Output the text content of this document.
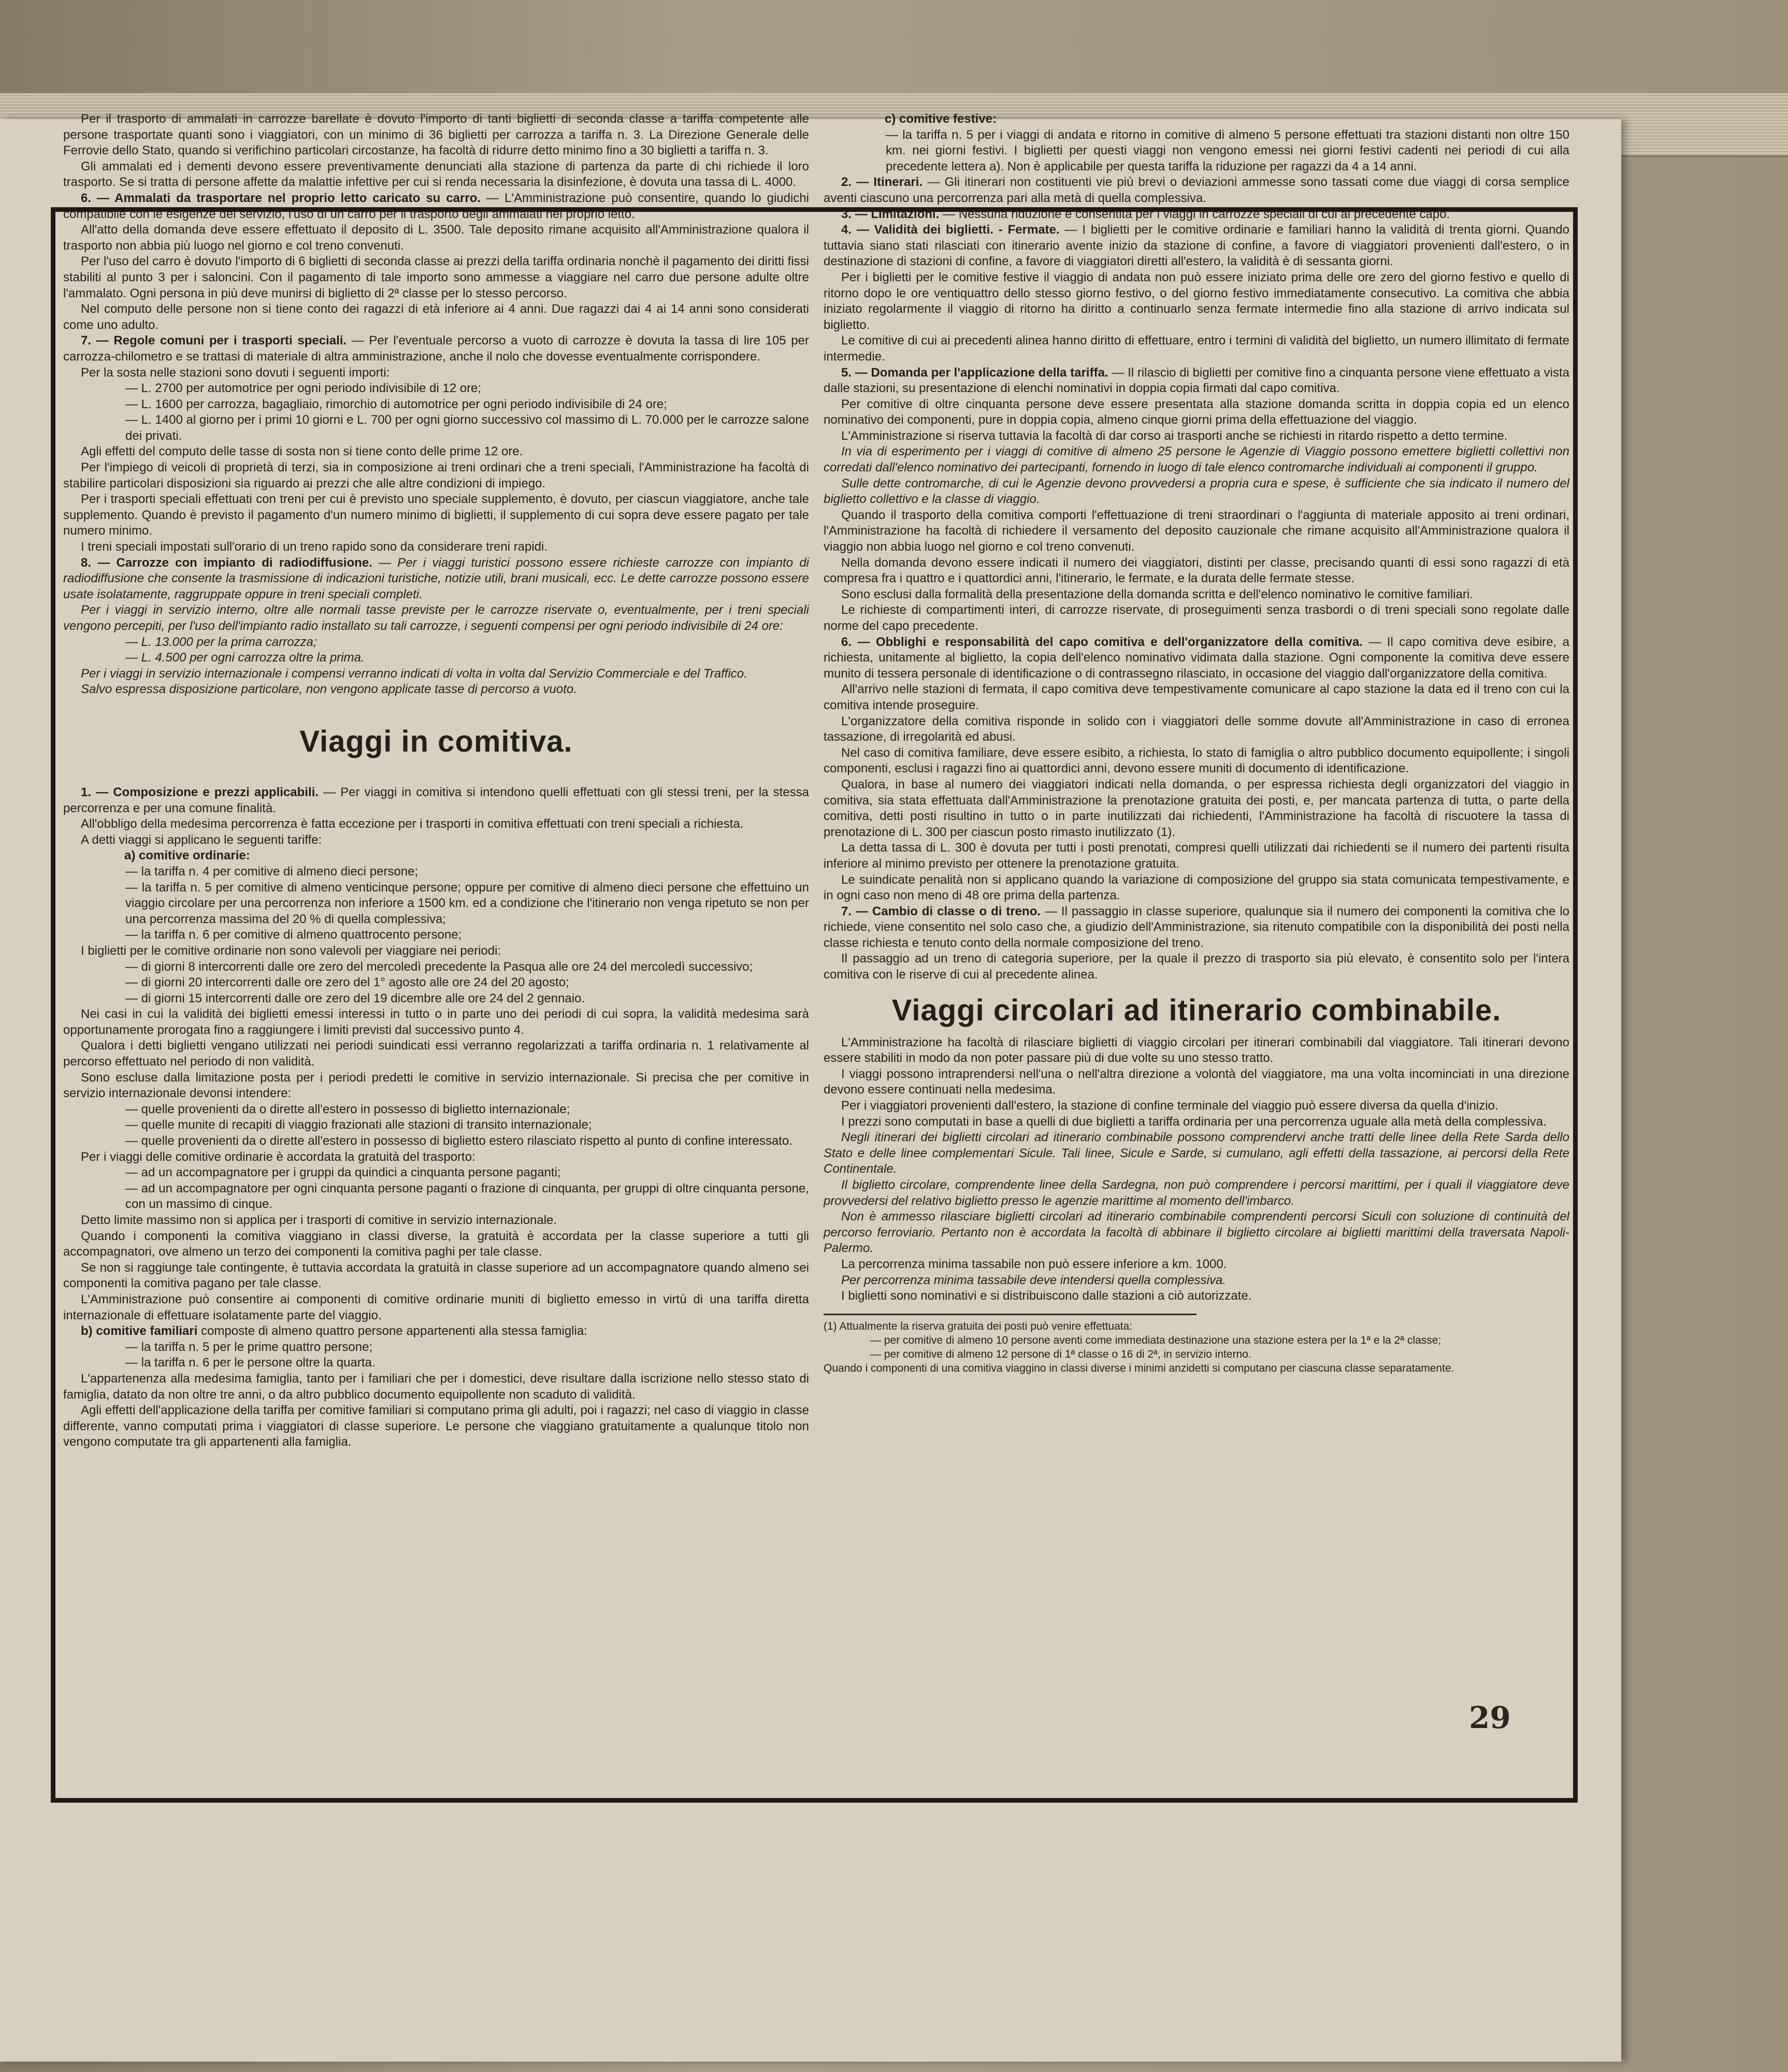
Per il trasporto di ammalati in carrozze barellate è dovuto l'importo di tanti biglietti di seconda classe a tariffa competente alle persone trasportate quanti sono i viaggiatori, con un minimo di 36 biglietti per carrozza a tariffa n. 3. La Direzione Generale delle Ferrovie dello Stato, quando si verifichino particolari circostanze, ha facoltà di ridurre detto minimo fino a 30 biglietti a tariffa n. 3.

Gli ammalati ed i dementi devono essere preventivamente denunciati alla stazione di partenza da parte di chi richiede il loro trasporto. Se si tratta di persone affette da malattie infettive per cui si renda necessaria la disinfezione, è dovuta una tassa di L. 4000.

6. — Ammalati da trasportare nel proprio letto caricato su carro. — L'Amministrazione può consentire, quando lo giudichi compatibile con le esigenze del servizio, l'uso di un carro per il trasporto degli ammalati nel proprio letto.

All'atto della domanda deve essere effettuato il deposito di L. 3500. Tale deposito rimane acquisito all'Amministrazione qualora il trasporto non abbia più luogo nel giorno e col treno convenuti.

Per l'uso del carro è dovuto l'importo di 6 biglietti di seconda classe ai prezzi della tariffa ordinaria nonchè il pagamento dei diritti fissi stabiliti al punto 3 per i saloncini. Con il pagamento di tale importo sono ammesse a viaggiare nel carro due persone adulte oltre l'ammalato. Ogni persona in più deve munirsi di biglietto di 2ª classe per lo stesso percorso.

Nel computo delle persone non si tiene conto dei ragazzi di età inferiore ai 4 anni. Due ragazzi dai 4 ai 14 anni sono considerati come uno adulto.

7. — Regole comuni per i trasporti speciali. — Per l'eventuale percorso a vuoto di carrozze è dovuta la tassa di lire 105 per carrozza-chilometro e se trattasi di materiale di altra amministrazione, anche il nolo che dovesse eventualmente corrispondere.

Per la sosta nelle stazioni sono dovuti i seguenti importi:

— L. 2700 per automotrice per ogni periodo indivisibile di 12 ore;

— L. 1600 per carrozza, bagagliaio, rimorchio di automotrice per ogni periodo indivisibile di 24 ore;

— L. 1400 al giorno per i primi 10 giorni e L. 700 per ogni giorno successivo col massimo di L. 70.000 per le carrozze salone dei privati.

Agli effetti del computo delle tasse di sosta non si tiene conto delle prime 12 ore.

Per l'impiego di veicoli di proprietà di terzi, sia in composizione ai treni ordinari che a treni speciali, l'Amministrazione ha facoltà di stabilire particolari disposizioni sia riguardo ai prezzi che alle altre condizioni di impiego.

Per i trasporti speciali effettuati con treni per cui è previsto uno speciale supplemento, è dovuto, per ciascun viaggiatore, anche tale supplemento. Quando è previsto il pagamento d'un numero minimo di biglietti, il supplemento di cui sopra deve essere pagato per tale numero minimo.

I treni speciali impostati sull'orario di un treno rapido sono da considerare treni rapidi.

8. — Carrozze con impianto di radiodiffusione. — Per i viaggi turistici possono essere richieste carrozze con impianto di radiodiffusione che consente la trasmissione di indicazioni turistiche, notizie utili, brani musicali, ecc. Le dette carrozze possono essere usate isolatamente, raggruppate oppure in treni speciali completi.

Per i viaggi in servizio interno, oltre alle normali tasse previste per le carrozze riservate o, eventualmente, per i treni speciali vengono percepiti, per l'uso dell'impianto radio installato su tali carrozze, i seguenti compensi per ogni periodo indivisibile di 24 ore:

— L. 13.000 per la prima carrozza;

— L. 4.500 per ogni carrozza oltre la prima.

Per i viaggi in servizio internazionale i compensi verranno indicati di volta in volta dal Servizio Commerciale e del Traffico.

Salvo espressa disposizione particolare, non vengono applicate tasse di percorso a vuoto.

Viaggi in comitiva.

1. — Composizione e prezzi applicabili. — Per viaggi in comitiva si intendono quelli effettuati con gli stessi treni, per la stessa percorrenza e per una comune finalità.

All'obbligo della medesima percorrenza è fatta eccezione per i trasporti in comitiva effettuati con treni speciali a richiesta.

A detti viaggi si applicano le seguenti tariffe:

a) comitive ordinarie:

— la tariffa n. 4 per comitive di almeno dieci persone;

— la tariffa n. 5 per comitive di almeno venticinque persone; oppure per comitive di almeno dieci persone che effettuino un viaggio circolare per una percorrenza non inferiore a 1500 km. ed a condizione che l'itinerario non venga ripetuto se non per una percorrenza massima del 20 % di quella complessiva;

— la tariffa n. 6 per comitive di almeno quattrocento persone;

I biglietti per le comitive ordinarie non sono valevoli per viaggiare nei periodi:

— di giorni 8 intercorrenti dalle ore zero del mercoledì precedente la Pasqua alle ore 24 del mercoledì successivo;

— di giorni 20 intercorrenti dalle ore zero del 1° agosto alle ore 24 del 20 agosto;

— di giorni 15 intercorrenti dalle ore zero del 19 dicembre alle ore 24 del 2 gennaio.

Nei casi in cui la validità dei biglietti emessi interessi in tutto o in parte uno dei periodi di cui sopra, la validità medesima sarà opportunamente prorogata fino a raggiungere i limiti previsti dal successivo punto 4.

Qualora i detti biglietti vengano utilizzati nei periodi suindicati essi verranno regolarizzati a tariffa ordinaria n. 1 relativamente al percorso effettuato nel periodo di non validità.

Sono escluse dalla limitazione posta per i periodi predetti le comitive in servizio internazionale. Si precisa che per comitive in servizio internazionale devonsi intendere:

— quelle provenienti da o dirette all'estero in possesso di biglietto internazionale;

— quelle munite di recapiti di viaggio frazionati alle stazioni di transito internazionale;

— quelle provenienti da o dirette all'estero in possesso di biglietto estero rilasciato rispetto al punto di confine interessato.

Per i viaggi delle comitive ordinarie è accordata la gratuità del trasporto:

— ad un accompagnatore per i gruppi da quindici a cinquanta persone paganti;

— ad un accompagnatore per ogni cinquanta persone paganti o frazione di cinquanta, per gruppi di oltre cinquanta persone, con un massimo di cinque.

Detto limite massimo non si applica per i trasporti di comitive in servizio internazionale.

Quando i componenti la comitiva viaggiano in classi diverse, la gratuità è accordata per la classe superiore a tutti gli accompagnatori, ove almeno un terzo dei componenti la comitiva paghi per tale classe.

Se non si raggiunge tale contingente, è tuttavia accordata la gratuità in classe superiore ad un accompagnatore quando almeno sei componenti la comitiva pagano per tale classe.

L'Amministrazione può consentire ai componenti di comitive ordinarie muniti di biglietto emesso in virtù di una tariffa diretta internazionale di effettuare isolatamente parte del viaggio.

b) comitive familiari composte di almeno quattro persone appartenenti alla stessa famiglia:

— la tariffa n. 5 per le prime quattro persone;

— la tariffa n. 6 per le persone oltre la quarta.

L'appartenenza alla medesima famiglia, tanto per i familiari che per i domestici, deve risultare dalla iscrizione nello stesso stato di famiglia, datato da non oltre tre anni, o da altro pubblico documento equipollente non scaduto di validità.

Agli effetti dell'applicazione della tariffa per comitive familiari si computano prima gli adulti, poi i ragazzi; nel caso di viaggio in classe differente, vanno computati prima i viaggiatori di classe superiore. Le persone che viaggiano gratuitamente a qualunque titolo non vengono computate tra gli appartenenti alla famiglia.

c) comitive festive:

— la tariffa n. 5 per i viaggi di andata e ritorno in comitive di almeno 5 persone effettuati tra stazioni distanti non oltre 150 km. nei giorni festivi. I biglietti per questi viaggi non vengono emessi nei giorni festivi cadenti nei periodi di cui alla precedente lettera a). Non è applicabile per questa tariffa la riduzione per ragazzi da 4 a 14 anni.

2. — Itinerari. — Gli itinerari non costituenti vie più brevi o deviazioni ammesse sono tassati come due viaggi di corsa semplice aventi ciascuno una percorrenza pari alla metà di quella complessiva.

3. — Limitazioni. — Nessuna riduzione è consentita per i viaggi in carrozze speciali di cui al precedente capo.

4. — Validità dei biglietti. - Fermate. — I biglietti per le comitive ordinarie e familiari hanno la validità di trenta giorni. Quando tuttavia siano stati rilasciati con itinerario avente inizio da stazione di confine, a favore di viaggiatori provenienti dall'estero, o in destinazione di stazioni di confine, a favore di viaggiatori diretti all'estero, la validità è di sessanta giorni.

Per i biglietti per le comitive festive il viaggio di andata non può essere iniziato prima delle ore zero del giorno festivo e quello di ritorno dopo le ore ventiquattro dello stesso giorno festivo, o del giorno festivo immediatamente consecutivo. La comitiva che abbia iniziato regolarmente il viaggio di ritorno ha diritto a continuarlo senza fermate intermedie fino alla stazione di arrivo indicata sul biglietto.

Le comitive di cui ai precedenti alinea hanno diritto di effettuare, entro i termini di validità del biglietto, un numero illimitato di fermate intermedie.

5. — Domanda per l'applicazione della tariffa. — Il rilascio di biglietti per comitive fino a cinquanta persone viene effettuato a vista dalle stazioni, su presentazione di elenchi nominativi in doppia copia firmati dal capo comitiva.

Per comitive di oltre cinquanta persone deve essere presentata alla stazione domanda scritta in doppia copia ed un elenco nominativo dei componenti, pure in doppia copia, almeno cinque giorni prima della effettuazione del viaggio.

L'Amministrazione si riserva tuttavia la facoltà di dar corso ai trasporti anche se richiesti in ritardo rispetto a detto termine.

In via di esperimento per i viaggi di comitive di almeno 25 persone le Agenzie di Viaggio possono emettere biglietti collettivi non corredati dall'elenco nominativo dei partecipanti, fornendo in luogo di tale elenco contromarche individuali ai componenti il gruppo.

Sulle dette contromarche, di cui le Agenzie devono provvedersi a propria cura e spese, è sufficiente che sia indicato il numero del biglietto collettivo e la classe di viaggio.

Quando il trasporto della comitiva comporti l'effettuazione di treni straordinari o l'aggiunta di materiale apposito ai treni ordinari, l'Amministrazione ha facoltà di richiedere il versamento del deposito cauzionale che rimane acquisito all'Amministrazione qualora il viaggio non abbia luogo nel giorno e col treno convenuti.

Nella domanda devono essere indicati il numero dei viaggiatori, distinti per classe, precisando quanti di essi sono ragazzi di età compresa fra i quattro e i quattordici anni, l'itinerario, le fermate, e la durata delle fermate stesse.

Sono esclusi dalla formalità della presentazione della domanda scritta e dell'elenco nominativo le comitive familiari.

Le richieste di compartimenti interi, di carrozze riservate, di proseguimenti senza trasbordi o di treni speciali sono regolate dalle norme del capo precedente.

6. — Obblighi e responsabilità del capo comitiva e dell'organizzatore della comitiva. — Il capo comitiva deve esibire, a richiesta, unitamente al biglietto, la copia dell'elenco nominativo vidimata dalla stazione. Ogni componente la comitiva deve essere munito di tessera personale di identificazione o di contrassegno rilasciato, in occasione del viaggio dall'organizzatore della comitiva.

All'arrivo nelle stazioni di fermata, il capo comitiva deve tempestivamente comunicare al capo stazione la data ed il treno con cui la comitiva intende proseguire.

L'organizzatore della comitiva risponde in solido con i viaggiatori delle somme dovute all'Amministrazione in caso di erronea tassazione, di irregolarità ed abusi.

Nel caso di comitiva familiare, deve essere esibito, a richiesta, lo stato di famiglia o altro pubblico documento equipollente; i singoli componenti, esclusi i ragazzi fino ai quattordici anni, devono essere muniti di documento di identificazione.

Qualora, in base al numero dei viaggiatori indicati nella domanda, o per espressa richiesta degli organizzatori del viaggio in comitiva, sia stata effettuata dall'Amministrazione la prenotazione gratuita dei posti, e, per mancata partenza di tutta, o parte della comitiva, detti posti risultino in tutto o in parte inutilizzati dai richiedenti, l'Amministrazione ha facoltà di riscuotere la tassa di prenotazione di L. 300 per ciascun posto rimasto inutilizzato (1).

La detta tassa di L. 300 è dovuta per tutti i posti prenotati, compresi quelli utilizzati dai richiedenti se il numero dei partenti risulta inferiore al minimo previsto per ottenere la prenotazione gratuita.

Le suindicate penalità non si applicano quando la variazione di composizione del gruppo sia stata comunicata tempestivamente, e in ogni caso non meno di 48 ore prima della partenza.

7. — Cambio di classe o di treno. — Il passaggio in classe superiore, qualunque sia il numero dei componenti la comitiva che lo richiede, viene consentito nel solo caso che, a giudizio dell'Amministrazione, sia ritenuto compatibile con la disponibilità dei posti nella classe richiesta e tenuto conto della normale composizione del treno.

Il passaggio ad un treno di categoria superiore, per la quale il prezzo di trasporto sia più elevato, è consentito solo per l'intera comitiva con le riserve di cui al precedente alinea.

Viaggi circolari ad itinerario combinabile.

L'Amministrazione ha facoltà di rilasciare biglietti di viaggio circolari per itinerari combinabili dal viaggiatore. Tali itinerari devono essere stabiliti in modo da non poter passare più di due volte su uno stesso tratto.

I viaggi possono intraprendersi nell'una o nell'altra direzione a volontà del viaggiatore, ma una volta incominciati in una direzione devono essere continuati nella medesima.

Per i viaggiatori provenienti dall'estero, la stazione di confine terminale del viaggio può essere diversa da quella d'inizio.

I prezzi sono computati in base a quelli di due biglietti a tariffa ordinaria per una percorrenza uguale alla metà della complessiva.

Negli itinerari dei biglietti circolari ad itinerario combinabile possono comprendervi anche tratti delle linee della Rete Sarda dello Stato e delle linee complementari Sicule. Tali linee, Sicule e Sarde, si cumulano, agli effetti della tassazione, ai percorsi della Rete Continentale.

Il biglietto circolare, comprendente linee della Sardegna, non può comprendere i percorsi marittimi, per i quali il viaggiatore deve provvedersi del relativo biglietto presso le agenzie marittime al momento dell'imbarco.

Non è ammesso rilasciare biglietti circolari ad itinerario combinabile comprendenti percorsi Siculi con soluzione di continuità del percorso ferroviario. Pertanto non è accordata la facoltà di abbinare il biglietto circolare ai biglietti marittimi della traversata Napoli-Palermo.

La percorrenza minima tassabile non può essere inferiore a km. 1000.

Per percorrenza minima tassabile deve intendersi quella complessiva.

I biglietti sono nominativi e si distribuiscono dalle stazioni a ciò autorizzate.

(1) Attualmente la riserva gratuita dei posti può venire effettuata:

— per comitive di almeno 10 persone aventi come immediata destinazione una stazione estera per la 1ª e la 2ª classe;

— per comitive di almeno 12 persone di 1ª classe o 16 di 2ª, in servizio interno.

Quando i componenti di una comitiva viaggino in classi diverse i minimi anzidetti si computano per ciascuna classe separatamente.

29
